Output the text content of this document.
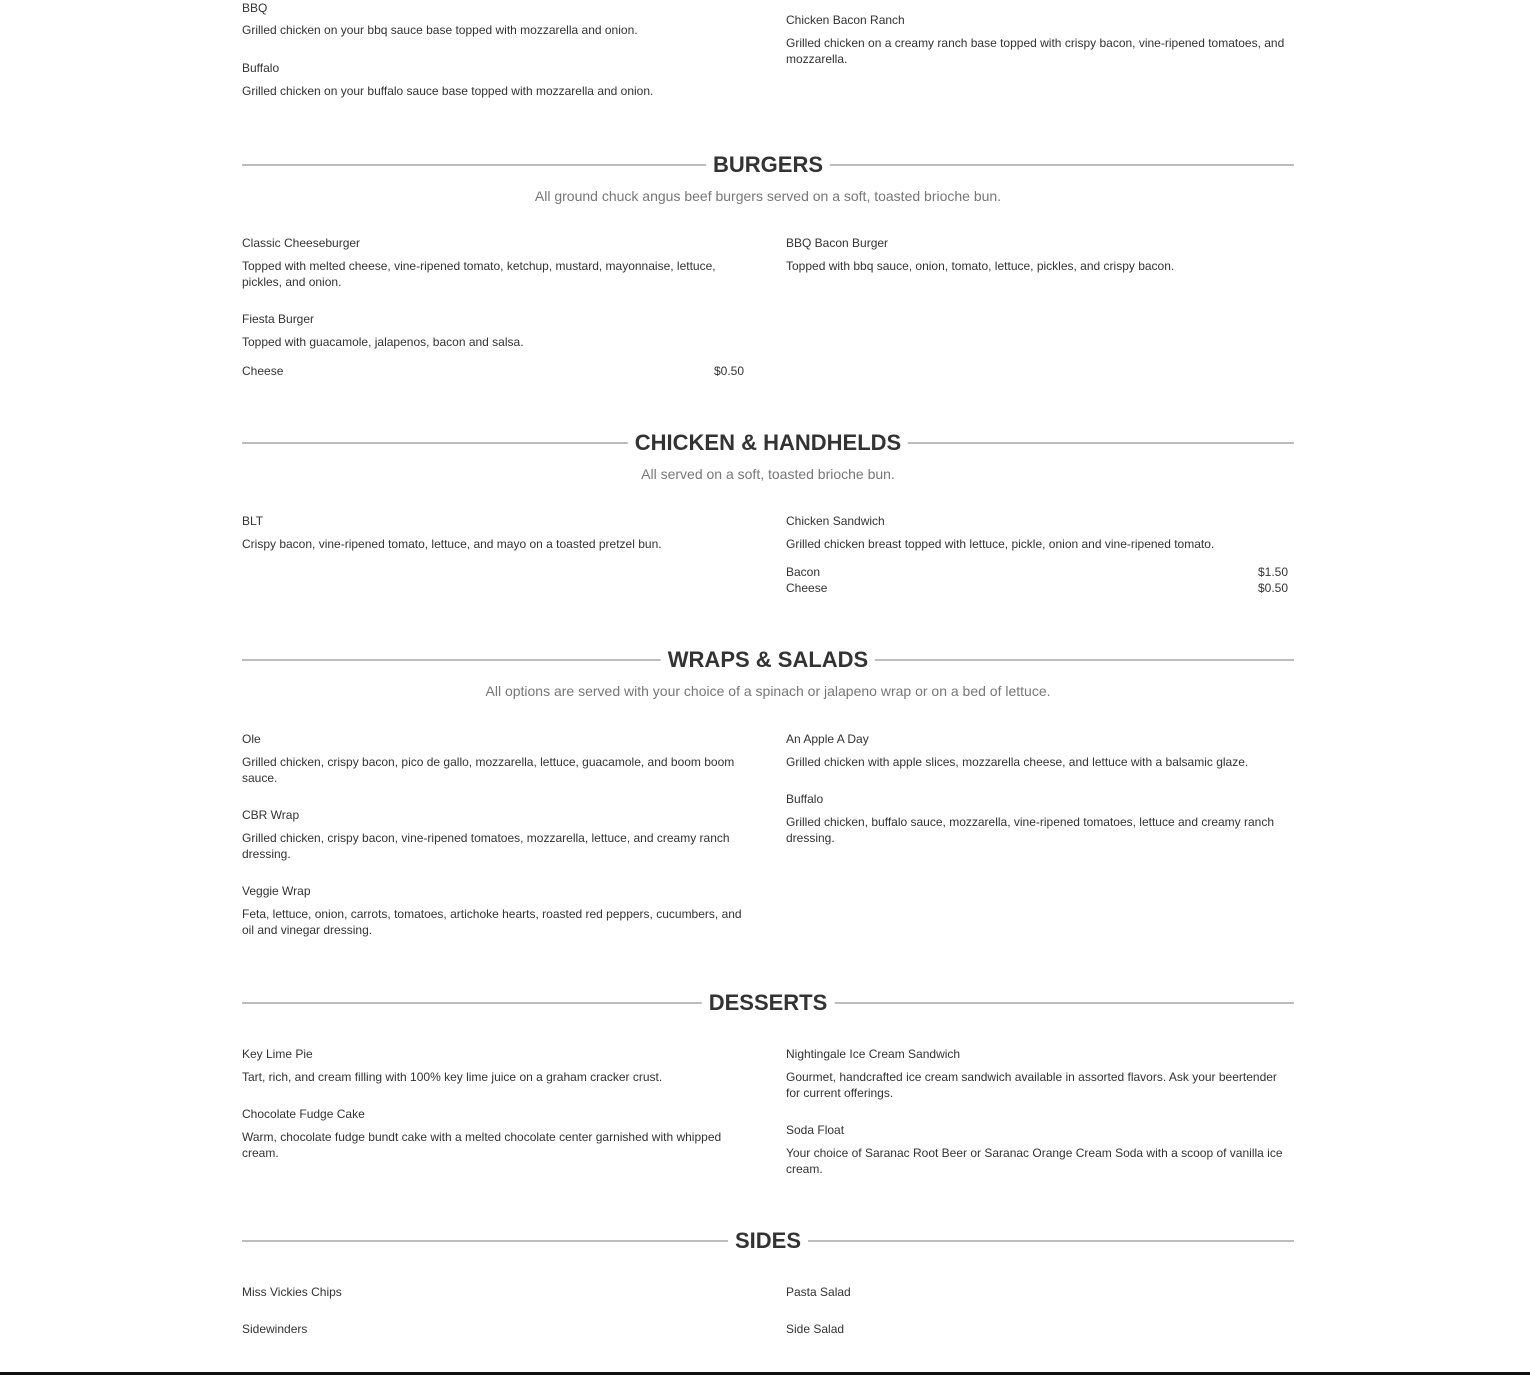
BBQ

Grilled chicken on your bbq sauce base topped with mozzarella and onion.

Buffalo

Grilled chicken on your buffalo sauce base topped with mozzarella and onion.

Chicken Bacon Ranch

Grilled chicken on a creamy ranch base topped with crispy bacon, vine-ripened tomatoes, and mozzarella.

BURGERS

All ground chuck angus beef burgers served on a soft, toasted brioche bun.

Classic Cheeseburger

Topped with melted cheese, vine-ripened tomato, ketchup, mustard, mayonnaise, lettuce, pickles, and onion.

Fiesta Burger

Topped with guacamole, jalapenos, bacon and salsa.

Cheese	$0.50

BBQ Bacon Burger

Topped with bbq sauce, onion, tomato, lettuce, pickles, and crispy bacon.

CHICKEN & HANDHELDS

All served on a soft, toasted brioche bun.

BLT

Crispy bacon, vine-ripened tomato, lettuce, and mayo on a toasted pretzel bun.

Chicken Sandwich

Grilled chicken breast topped with lettuce, pickle, onion and vine-ripened tomato.

Bacon	$1.50
Cheese	$0.50
WRAPS & SALADS

All options are served with your choice of a spinach or jalapeno wrap or on a bed of lettuce.

Ole

Grilled chicken, crispy bacon, pico de gallo, mozzarella, lettuce, guacamole, and boom boom sauce.

CBR Wrap

Grilled chicken, crispy bacon, vine-ripened tomatoes, mozzarella, lettuce, and creamy ranch dressing.

Veggie Wrap

Feta, lettuce, onion, carrots, tomatoes, artichoke hearts, roasted red peppers, cucumbers, and oil and vinegar dressing.

An Apple A Day

Grilled chicken with apple slices, mozzarella cheese, and lettuce with a balsamic glaze.

Buffalo

Grilled chicken, buffalo sauce, mozzarella, vine-ripened tomatoes, lettuce and creamy ranch dressing.

DESSERTS

Key Lime Pie

Tart, rich, and cream filling with 100% key lime juice on a graham cracker crust.

Chocolate Fudge Cake

Warm, chocolate fudge bundt cake with a melted chocolate center garnished with whipped cream.

Nightingale Ice Cream Sandwich

Gourmet, handcrafted ice cream sandwich available in assorted flavors. Ask your beertender for current offerings.

Soda Float

Your choice of Saranac Root Beer or Saranac Orange Cream Soda with a scoop of vanilla ice cream.

SIDES

Miss Vickies Chips

Sidewinders

Pasta Salad

Side Salad
